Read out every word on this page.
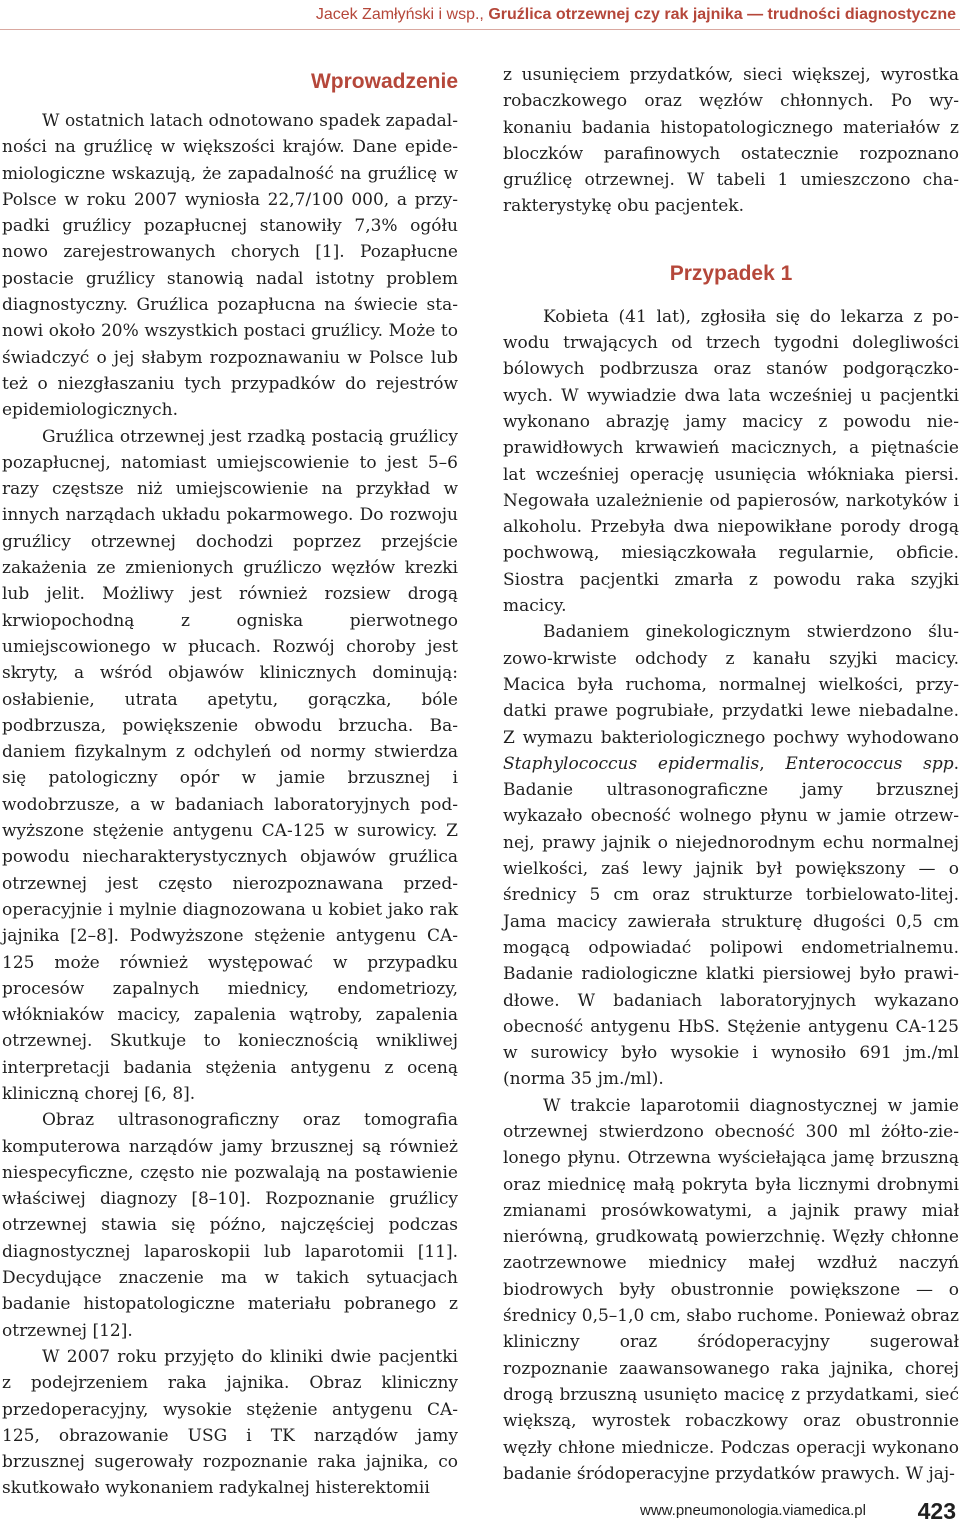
Jacek Zamłyński i wsp., Gruźlica otrzewnej czy rak jajnika — trudności diagnostyczne
Wprowadzenie

W ostatnich latach odnotowano spadek zapadalności na gruźlicę w większości krajów. Dane epidemiologiczne wskazują, że zapadalność na gruźlicę w Polsce w roku 2007 wyniosła 22,7/100 000, a przypadki gruźlicy pozapłucnej stanowiły 7,3% ogółu nowo zarejestrowanych chorych [1]. Pozapłucne postacie gruźlicy stanowią nadal istotny problem diagnostyczny. Gruźlica pozapłucna na świecie stanowi około 20% wszystkich postaci gruźlicy. Może to świadczyć o jej słabym rozpoznawaniu w Polsce lub też o niezgłaszaniu tych przypadków do rejestrów epidemiologicznych.

Gruźlica otrzewnej jest rzadką postacią gruźlicy pozapłucnej, natomiast umiejscowienie to jest 5–6 razy częstsze niż umiejscowienie na przykład w innych narządach układu pokarmowego. Do rozwoju gruźlicy otrzewnej dochodzi poprzez przejście zakażenia ze zmienionych gruźliczo węzłów krezki lub jelit. Możliwy jest również rozsiew drogą krwiopochodną z ogniska pierwotnego umiejscowionego w płucach. Rozwój choroby jest skryty, a wśród objawów klinicznych dominują: osłabienie, utrata apetytu, gorączka, bóle podbrzusza, powiększenie obwodu brzucha. Badaniem fizykalnym z odchyleń od normy stwierdza się patologiczny opór w jamie brzusznej i wodobrzusze, a w badaniach laboratoryjnych podwyższone stężenie antygenu CA-125 w surowicy. Z powodu niecharakterystycznych objawów gruźlica otrzewnej jest często nierozpoznawana przedoperacyjnie i mylnie diagnozowana u kobiet jako rak jajnika [2–8]. Podwyższone stężenie antygenu CA-125 może również występować w przypadku procesów zapalnych miednicy, endometriozy, włókniaków macicy, zapalenia wątroby, zapalenia otrzewnej. Skutkuje to koniecznością wnikliwej interpretacji badania stężenia antygenu z oceną kliniczną chorej [6, 8].

Obraz ultrasonograficzny oraz tomografia komputerowa narządów jamy brzusznej są również niespecyficzne, często nie pozwalają na postawienie właściwej diagnozy [8–10]. Rozpoznanie gruźlicy otrzewnej stawia się późno, najczęściej podczas diagnostycznej laparoskopii lub laparotomii [11]. Decydujące znaczenie ma w takich sytuacjach badanie histopatologiczne materiału pobranego z otrzewnej [12].

W 2007 roku przyjęto do kliniki dwie pacjentki z podejrzeniem raka jajnika. Obraz kliniczny przedoperacyjny, wysokie stężenie antygenu CA-125, obrazowanie USG i TK narządów jamy brzusznej sugerowały rozpoznanie raka jajnika, co skutkowało wykonaniem radykalnej histerektomii

z usunięciem przydatków, sieci większej, wyrostka robaczkowego oraz węzłów chłonnych. Po wykonaniu badania histopatologicznego materiałów z bloczków parafinowych ostatecznie rozpoznano gruźlicę otrzewnej. W tabeli 1 umieszczono charakterystykę obu pacjentek.

Przypadek 1

Kobieta (41 lat), zgłosiła się do lekarza z powodu trwających od trzech tygodni dolegliwości bólowych podbrzusza oraz stanów podgorączkowych. W wywiadzie dwa lata wcześniej u pacjentki wykonano abrazję jamy macicy z powodu nieprawidłowych krwawień macicznych, a piętnaście lat wcześniej operację usunięcia włókniaka piersi. Negowała uzależnienie od papierosów, narkotyków i alkoholu. Przebyła dwa niepowikłane porody drogą pochwową, miesiączkowała regularnie, obficie. Siostra pacjentki zmarła z powodu raka szyjki macicy.

Badaniem ginekologicznym stwierdzono śluzowo-krwiste odchody z kanału szyjki macicy. Macica była ruchoma, normalnej wielkości, przydatki prawe pogrubiałe, przydatki lewe niebadalne. Z wymazu bakteriologicznego pochwy wyhodowano Staphylococcus epidermalis, Enterococcus spp. Badanie ultrasonograficzne jamy brzusznej wykazało obecność wolnego płynu w jamie otrzewnej, prawy jajnik o niejednorodnym echu normalnej wielkości, zaś lewy jajnik był powiększony — o średnicy 5 cm oraz strukturze torbielowato-litej. Jama macicy zawierała strukturę długości 0,5 cm mogącą odpowiadać polipowi endometrialnemu. Badanie radiologiczne klatki piersiowej było prawidłowe. W badaniach laboratoryjnych wykazano obecność antygenu HbS. Stężenie antygenu CA-125 w surowicy było wysokie i wynosiło 691 jm./ml (norma 35 jm./ml).

W trakcie laparotomii diagnostycznej w jamie otrzewnej stwierdzono obecność 300 ml żółto-zielonego płynu. Otrzewna wyściełająca jamę brzuszną oraz miednicę małą pokryta była licznymi drobnymi zmianami prosówkowatymi, a jajnik prawy miał nierówną, grudkowatą powierzchnię. Węzły chłonne zaotrzewnowe miednicy małej wzdłuż naczyń biodrowych były obustronnie powiększone — o średnicy 0,5–1,0 cm, słabo ruchome. Ponieważ obraz kliniczny oraz śródoperacyjny sugerował rozpoznanie zaawansowanego raka jajnika, chorej drogą brzuszną usunięto macicę z przydatkami, sieć większą, wyrostek robaczkowy oraz obustronnie węzły chłone miednicze. Podczas operacji wykonano badanie śródoperacyjne przydatków prawych. W jaj-

www.pneumonologia.viamedica.pl 423
